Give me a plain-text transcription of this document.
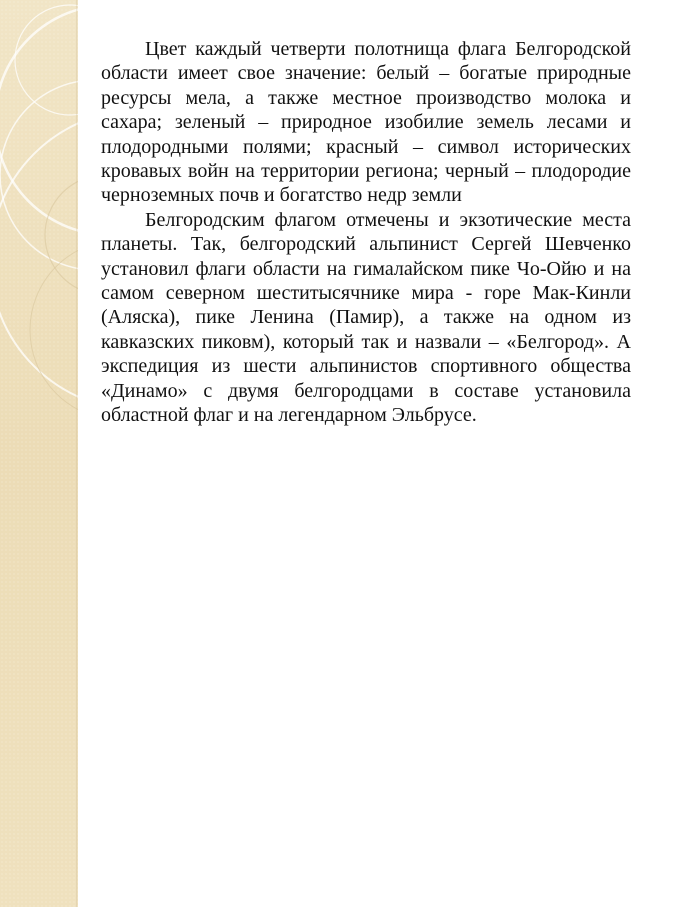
Цвет каждый четверти полотнища флага Белгородской области имеет свое значение: белый – богатые природные ресурсы мела, а также местное производство молока и сахара; зеленый – природное изобилие земель лесами и плодородными полями; красный – символ исторических кровавых войн на территории региона; черный – плодородие черноземных почв и богатство недр земли

Белгородским флагом отмечены и экзотические места планеты. Так, белгородский альпинист Сергей Шевченко установил флаги области на гималайском пике Чо-Ойю и на самом северном шеститысячнике мира - горе Мак-Кинли (Аляска), пике Ленина (Памир), а также на одном из кавказских пиковм), который так и назвали – «Белгород». А экспедиция из шести альпинистов спортивного общества «Динамо» с двумя белгородцами в составе установила областной флаг и на легендарном Эльбрусе.
